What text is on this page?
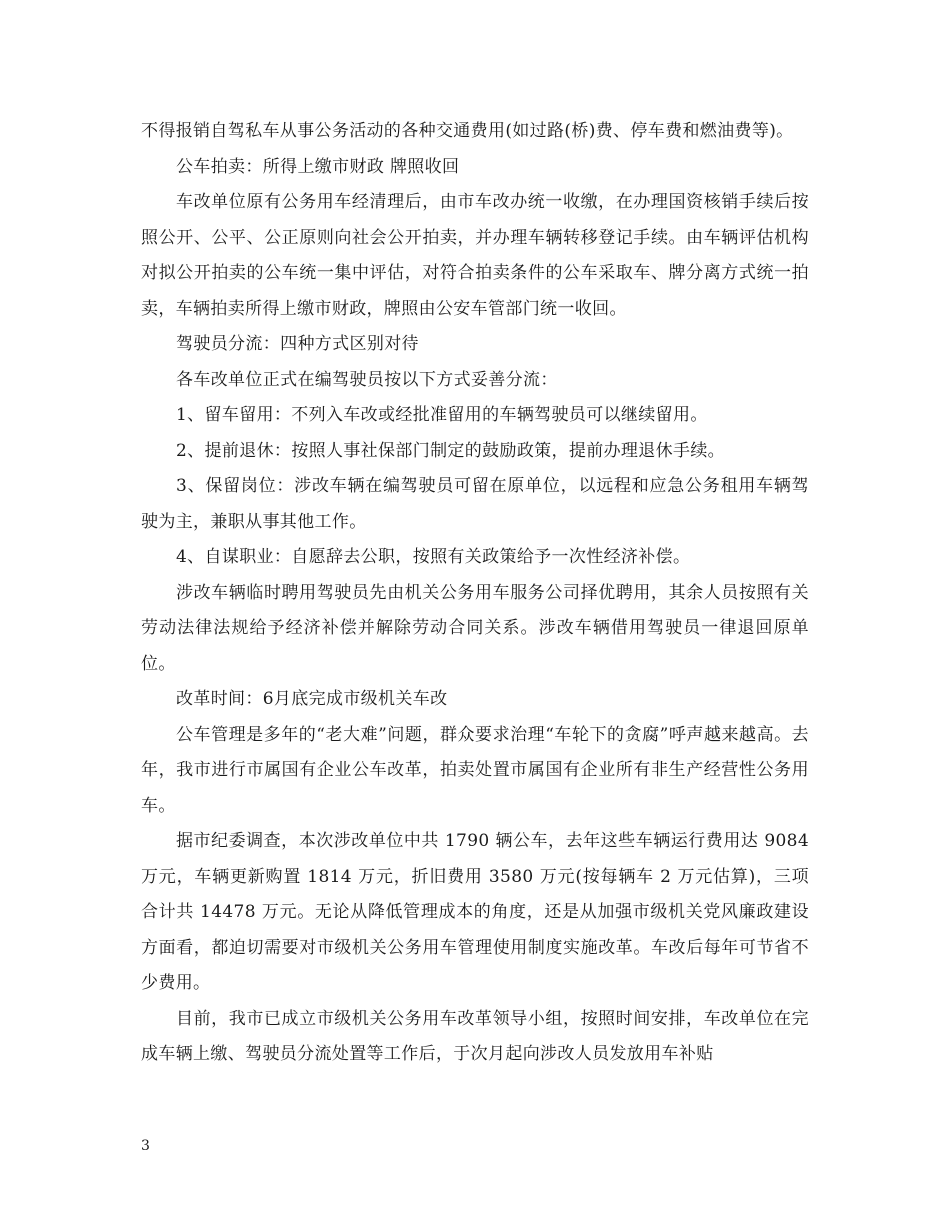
不得报销自驾私车从事公务活动的各种交通费用(如过路(桥)费、停车费和燃油费等)。

公车拍卖：所得上缴市财政 牌照收回

车改单位原有公务用车经清理后，由市车改办统一收缴，在办理国资核销手续后按照公开、公平、公正原则向社会公开拍卖，并办理车辆转移登记手续。由车辆评估机构对拟公开拍卖的公车统一集中评估，对符合拍卖条件的公车采取车、牌分离方式统一拍卖，车辆拍卖所得上缴市财政，牌照由公安车管部门统一收回。

驾驶员分流：四种方式区别对待

各车改单位正式在编驾驶员按以下方式妥善分流：

1、留车留用：不列入车改或经批准留用的车辆驾驶员可以继续留用。

2、提前退休：按照人事社保部门制定的鼓励政策，提前办理退休手续。

3、保留岗位：涉改车辆在编驾驶员可留在原单位，以远程和应急公务租用车辆驾驶为主，兼职从事其他工作。

4、自谋职业：自愿辞去公职，按照有关政策给予一次性经济补偿。

涉改车辆临时聘用驾驶员先由机关公务用车服务公司择优聘用，其余人员按照有关劳动法律法规给予经济补偿并解除劳动合同关系。涉改车辆借用驾驶员一律退回原单位。

改革时间：6月底完成市级机关车改

公车管理是多年的“老大难”问题，群众要求治理“车轮下的贪腐”呼声越来越高。去年，我市进行市属国有企业公车改革，拍卖处置市属国有企业所有非生产经营性公务用车。

据市纪委调查，本次涉改单位中共 1790 辆公车，去年这些车辆运行费用达 9084 万元，车辆更新购置 1814 万元，折旧费用 3580 万元(按每辆车 2 万元估算)，三项合计共 14478 万元。无论从降低管理成本的角度，还是从加强市级机关党风廉政建设方面看，都迫切需要对市级机关公务用车管理使用制度实施改革。车改后每年可节省不少费用。

目前，我市已成立市级机关公务用车改革领导小组，按照时间安排，车改单位在完成车辆上缴、驾驶员分流处置等工作后，于次月起向涉改人员发放用车补贴

3
